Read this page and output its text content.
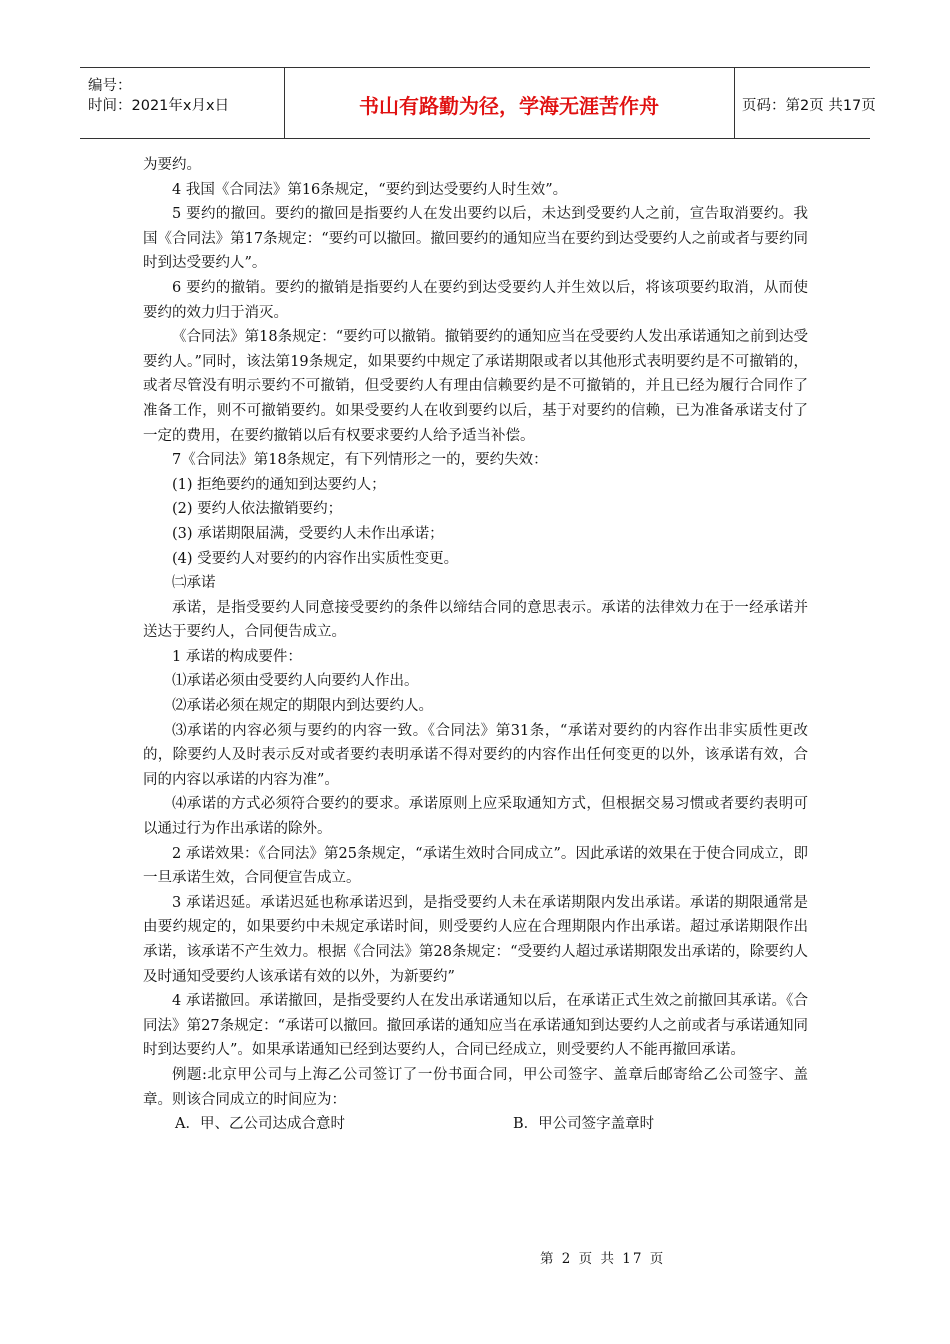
编号：
时间：2021年x月x日	书山有路勤为径，学海无涯苦作舟	页码：第2页 共17页

为要约。

4 我国《合同法》第16条规定，“要约到达受要约人时生效”。

5 要约的撤回。要约的撤回是指要约人在发出要约以后，未达到受要约人之前，宣告取消要约。我国《合同法》第17条规定：“要约可以撤回。撤回要约的通知应当在要约到达受要约人之前或者与要约同时到达受要约人”。

6 要约的撤销。要约的撤销是指要约人在要约到达受要约人并生效以后，将该项要约取消，从而使要约的效力归于消灭。

《合同法》第18条规定：“要约可以撤销。撤销要约的通知应当在受要约人发出承诺通知之前到达受要约人。”同时，该法第19条规定，如果要约中规定了承诺期限或者以其他形式表明要约是不可撤销的，或者尽管没有明示要约不可撤销，但受要约人有理由信赖要约是不可撤销的，并且已经为履行合同作了准备工作，则不可撤销要约。如果受要约人在收到要约以后，基于对要约的信赖，已为准备承诺支付了一定的费用，在要约撤销以后有权要求要约人给予适当补偿。

7《合同法》第18条规定，有下列情形之一的，要约失效：

(1) 拒绝要约的通知到达要约人；

(2) 要约人依法撤销要约；

(3) 承诺期限届满，受要约人未作出承诺；

(4) 受要约人对要约的内容作出实质性变更。

㈡承诺

承诺，是指受要约人同意接受要约的条件以缔结合同的意思表示。承诺的法律效力在于一经承诺并送达于要约人，合同便告成立。

1 承诺的构成要件：

⑴承诺必须由受要约人向要约人作出。

⑵承诺必须在规定的期限内到达要约人。

⑶承诺的内容必须与要约的内容一致。《合同法》第31条，“承诺对要约的内容作出非实质性更改的，除要约人及时表示反对或者要约表明承诺不得对要约的内容作出任何变更的以外，该承诺有效，合同的内容以承诺的内容为准”。

⑷承诺的方式必须符合要约的要求。承诺原则上应采取通知方式，但根据交易习惯或者要约表明可以通过行为作出承诺的除外。

2 承诺效果：《合同法》第25条规定，“承诺生效时合同成立”。因此承诺的效果在于使合同成立，即一旦承诺生效，合同便宣告成立。

3 承诺迟延。承诺迟延也称承诺迟到，是指受要约人未在承诺期限内发出承诺。承诺的期限通常是由要约规定的，如果要约中未规定承诺时间，则受要约人应在合理期限内作出承诺。超过承诺期限作出承诺，该承诺不产生效力。根据《合同法》第28条规定：“受要约人超过承诺期限发出承诺的，除要约人及时通知受要约人该承诺有效的以外，为新要约”

4 承诺撤回。承诺撤回，是指受要约人在发出承诺通知以后，在承诺正式生效之前撤回其承诺。《合同法》第27条规定：“承诺可以撤回。撤回承诺的通知应当在承诺通知到达要约人之前或者与承诺通知同时到达要约人”。如果承诺通知已经到达要约人，合同已经成立，则受要约人不能再撤回承诺。

例题:北京甲公司与上海乙公司签订了一份书面合同，甲公司签字、盖章后邮寄给乙公司签字、盖章。则该合同成立的时间应为：

A．甲、乙公司达成合意时	B．甲公司签字盖章时
第 2 页 共 17 页
